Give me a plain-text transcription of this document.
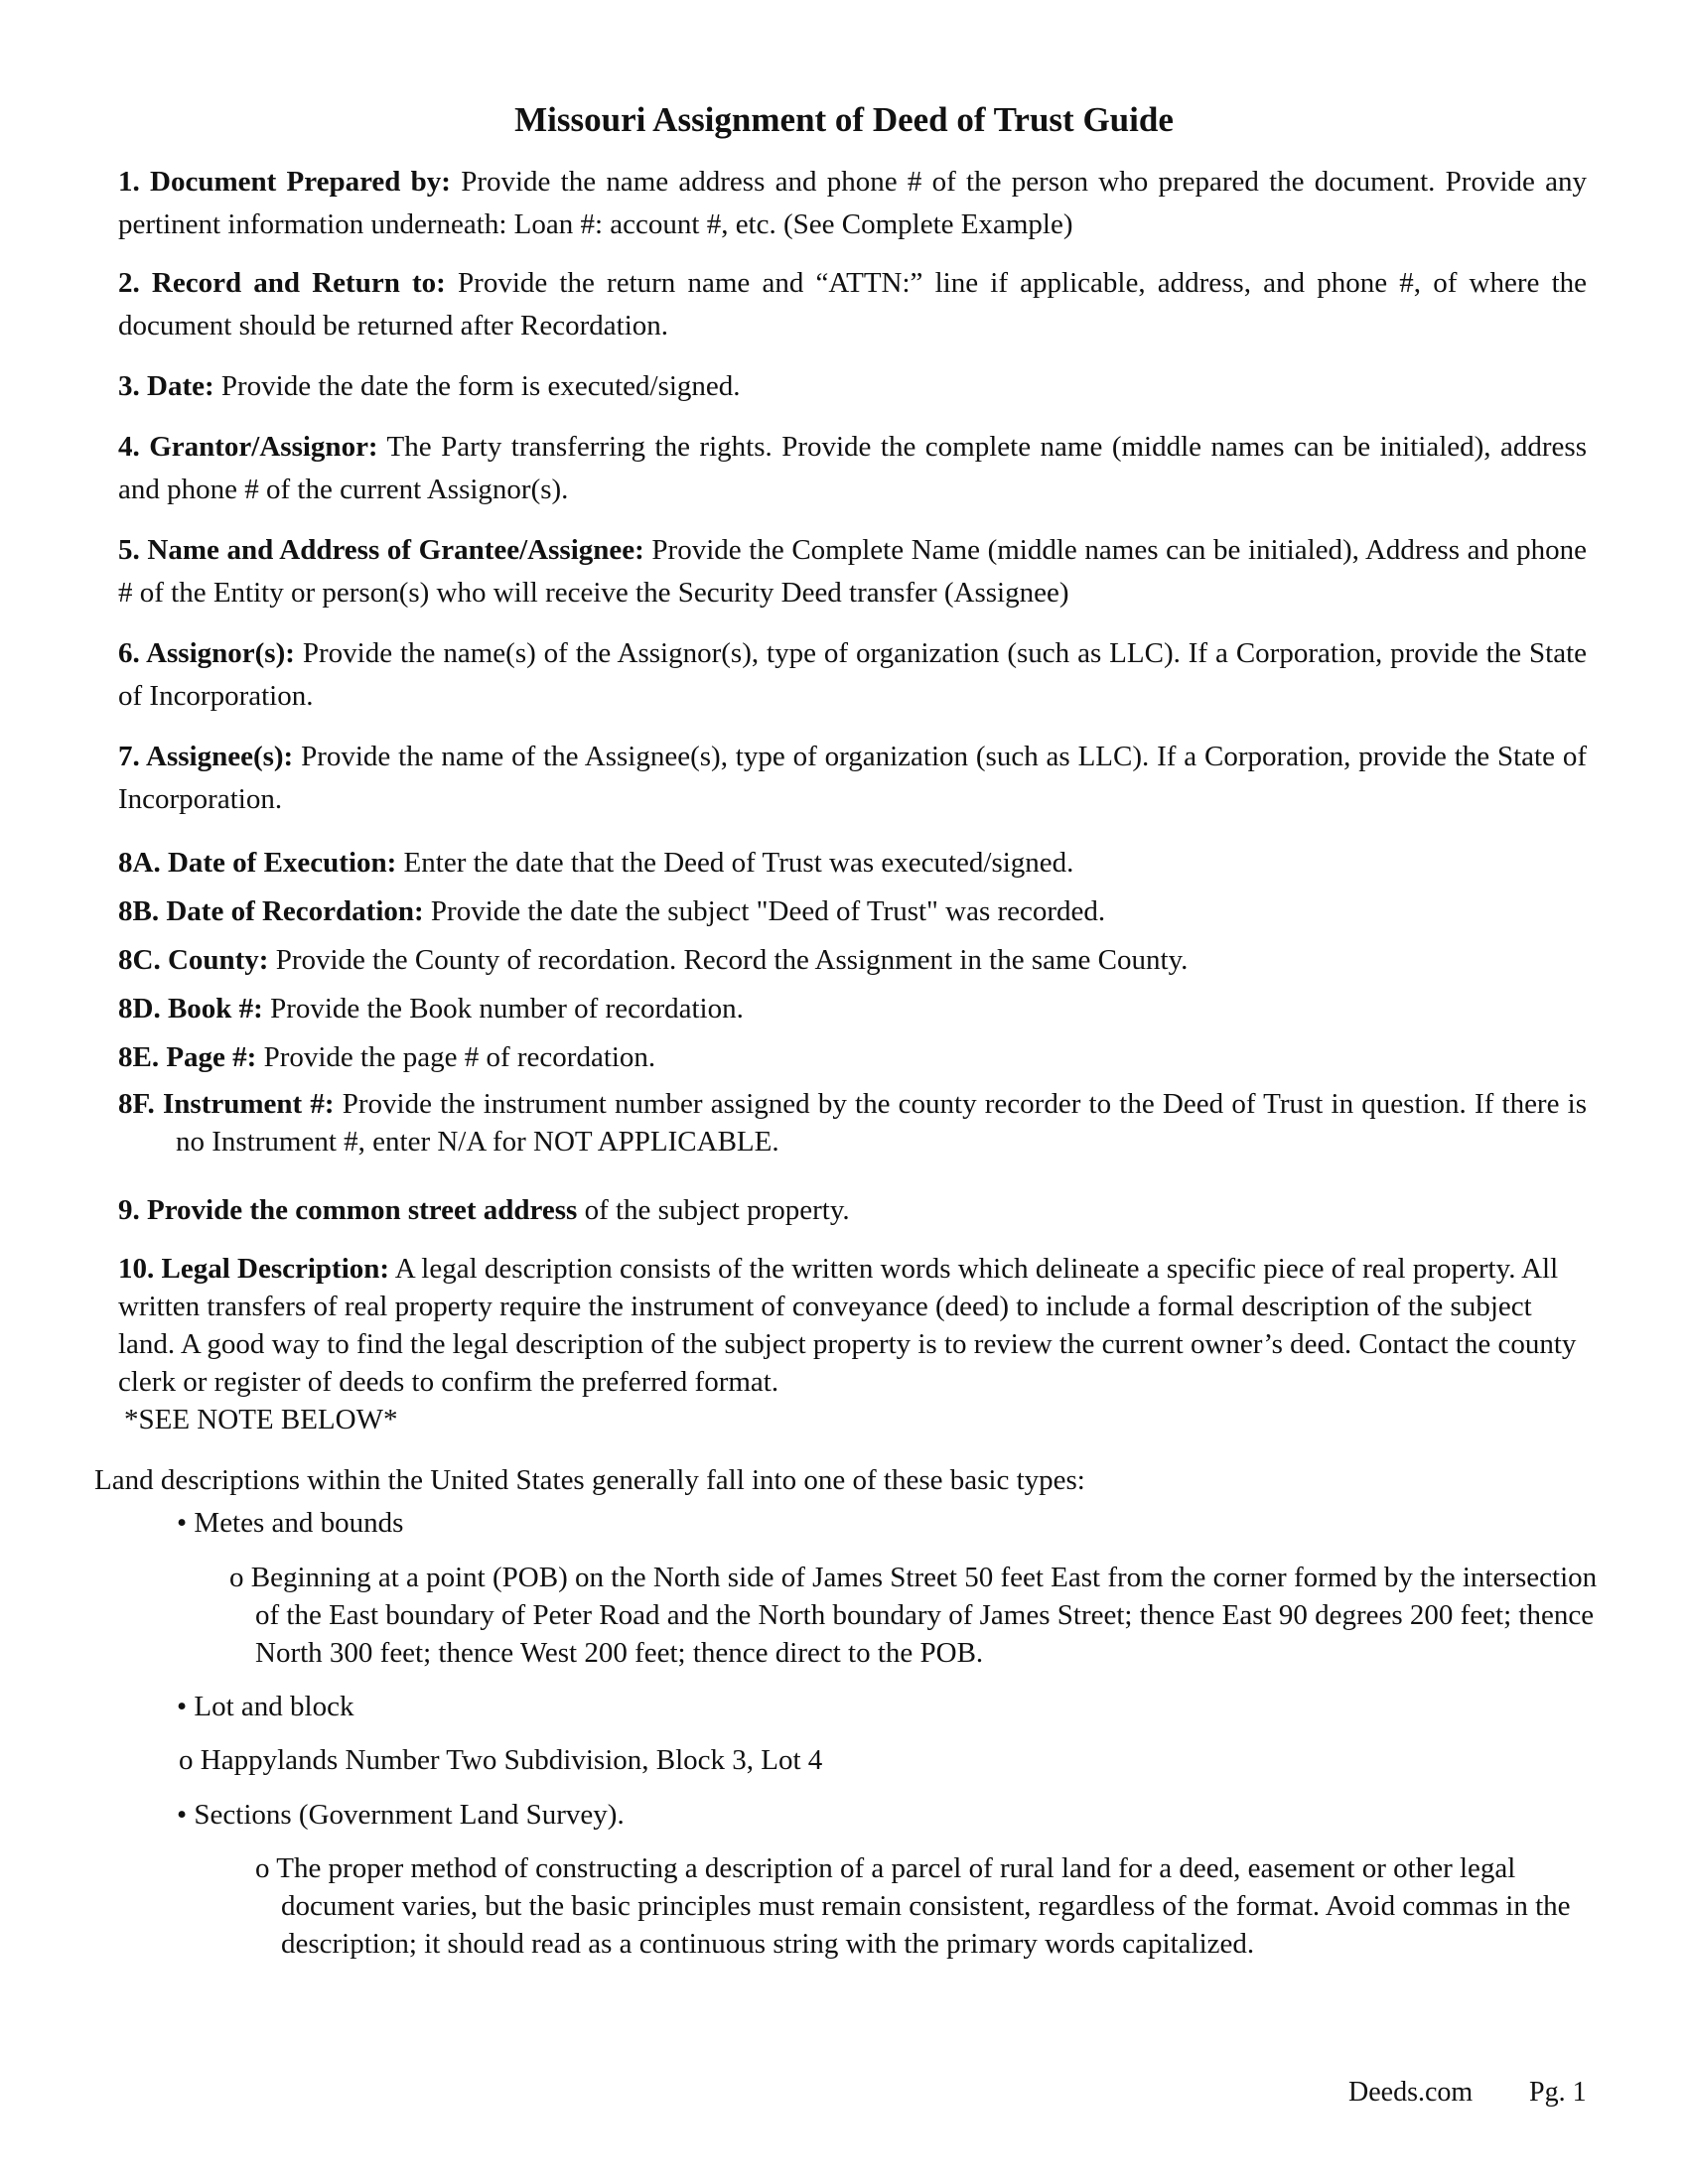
Missouri Assignment of Deed of Trust Guide
1. Document Prepared by: Provide the name address and phone # of the person who prepared the document. Provide any pertinent information underneath: Loan #: account #, etc. (See Complete Example)
2. Record and Return to: Provide the return name and “ATTN:” line if applicable, address, and phone #, of where the document should be returned after Recordation.
3. Date: Provide the date the form is executed/signed.
4. Grantor/Assignor: The Party transferring the rights. Provide the complete name (middle names can be initialed), address and phone # of the current Assignor(s).
5. Name and Address of Grantee/Assignee: Provide the Complete Name (middle names can be initialed), Address and phone # of the Entity or person(s) who will receive the Security Deed transfer (Assignee)
6. Assignor(s): Provide the name(s) of the Assignor(s), type of organization (such as LLC). If a Corporation, provide the State of Incorporation.
7. Assignee(s): Provide the name of the Assignee(s), type of organization (such as LLC). If a Corporation, provide the State of Incorporation.
8A. Date of Execution: Enter the date that the Deed of Trust was executed/signed.
8B. Date of Recordation: Provide the date the subject "Deed of Trust" was recorded.
8C. County: Provide the County of recordation. Record the Assignment in the same County.
8D. Book #: Provide the Book number of recordation.
8E. Page #: Provide the page # of recordation.
8F. Instrument #: Provide the instrument number assigned by the county recorder to the Deed of Trust in question. If there is no Instrument #, enter N/A for NOT APPLICABLE.
9. Provide the common street address of the subject property.
10. Legal Description: A legal description consists of the written words which delineate a specific piece of real property. All written transfers of real property require the instrument of conveyance (deed) to include a formal description of the subject land. A good way to find the legal description of the subject property is to review the current owner’s deed. Contact the county clerk or register of deeds to confirm the preferred format.
*SEE NOTE BELOW*
Land descriptions within the United States generally fall into one of these basic types:
• Metes and bounds
o Beginning at a point (POB) on the North side of James Street 50 feet East from the corner formed by the intersection of the East boundary of Peter Road and the North boundary of James Street; thence East 90 degrees 200 feet; thence North 300 feet; thence West 200 feet; thence direct to the POB.
• Lot and block
o Happylands Number Two Subdivision, Block 3, Lot 4
• Sections (Government Land Survey).
o The proper method of constructing a description of a parcel of rural land for a deed, easement or other legal document varies, but the basic principles must remain consistent, regardless of the format. Avoid commas in the description; it should read as a continuous string with the primary words capitalized.
Deeds.com Pg. 1
